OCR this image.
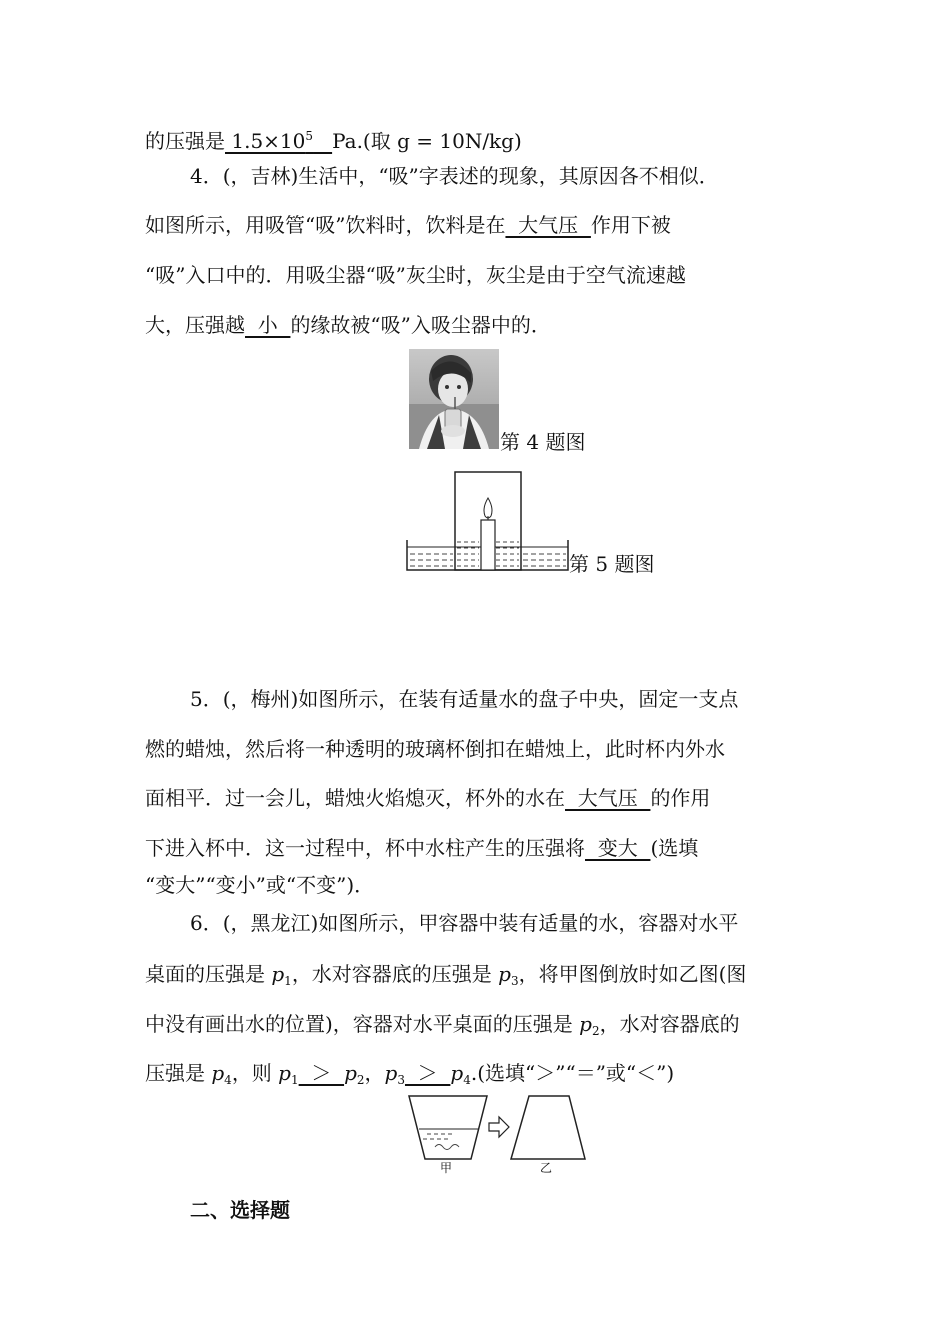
的压强是 $1.5\times 10^5$ Pa.(取 g = 10N/kg)
4．(，吉林)生活中，“吸”字表述的现象，其原因各不相似．
如图所示，用吸管“吸”饮料时，饮料是在  大气压  作用下被
“吸”入口中的．用吸尘器“吸”灰尘时，灰尘是由于空气流速越
大，压强越  小  的缘故被“吸”入吸尘器中的．
第 4 题图
第 5 题图
5．(，梅州)如图所示，在装有适量水的盘子中央，固定一支点
燃的蜡烛，然后将一种透明的玻璃杯倒扣在蜡烛上，此时杯内外水
面相平．过一会儿，蜡烛火焰熄灭，杯外的水在  大气压  的作用
下进入杯中．这一过程中，杯中水柱产生的压强将  变大  (选填
“变大”“变小”或“不变”)．
6．(，黑龙江)如图所示，甲容器中装有适量的水，容器对水平
桌面的压强是 $p_1$，水对容器底的压强是 $p_3$，将甲图倒放时如乙图(图
中没有画出水的位置)，容器对水平桌面的压强是 $p_2$，水对容器底的
压强是 $p_4$，则 $p_1 > p_2$，$p_3 > p_4$.(选填“＞”“＝”或“＜”)
甲	乙
二、选择题
